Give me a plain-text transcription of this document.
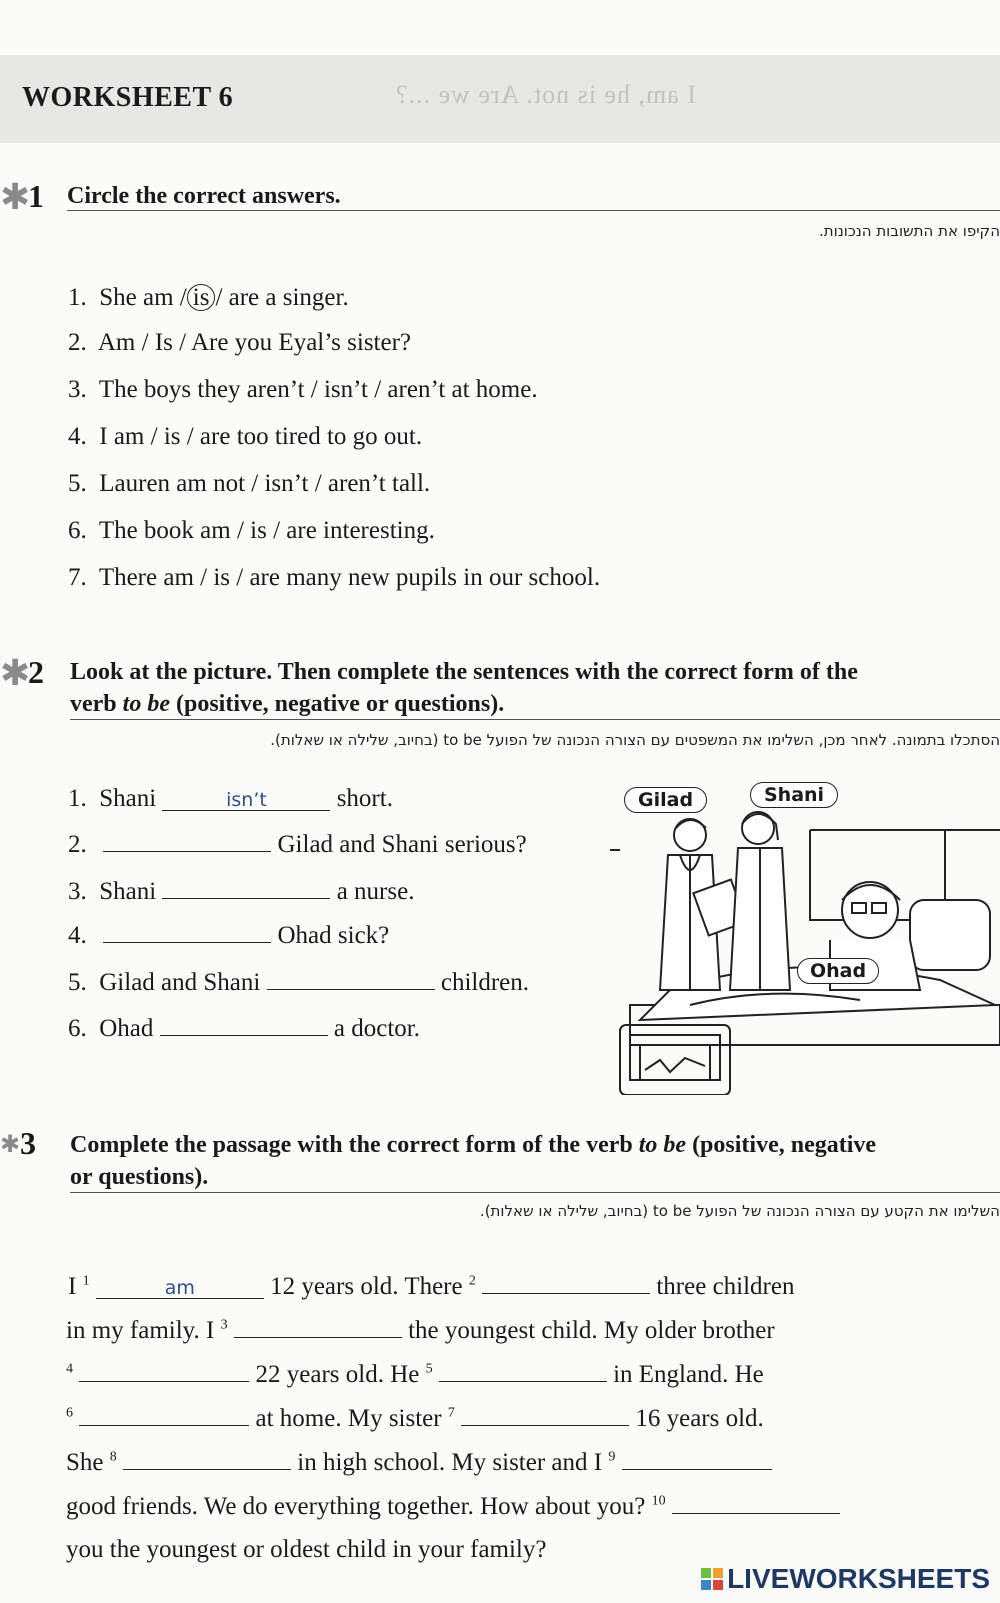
I am, he is not. Are we ...?
WORKSHEET 6
✱
1 Circle the correct answers.
הקיפו את התשובות הנכונות.
1. She am / is / are a singer.
2. Am / Is / Are you Eyal’s sister?
3. The boys they aren’t / isn’t / aren’t at home.
4. I am / is / are too tired to go out.
5. Lauren am not / isn’t / aren’t tall.
6. The book am / is / are interesting.
7. There am / is / are many new pupils in our school.
✱
2 Look at the picture. Then complete the sentences with the correct form of the
verb to be (positive, negative or questions).
הסתכלו בתמונה. לאחר מכן, השלימו את המשפטים עם הצורה הנכונה של הפועל to be (בחיוב, שלילה או שאלות).
1. Shani	isn’t	short.
2.	Gilad and Shani serious?
3. Shani	a nurse.
4.	Ohad sick?
5. Gilad and Shani	children.
6. Ohad	a doctor.
Gilad	Shani
Ohad
✱ 3 Complete the passage with the correct form of the verb to be (positive, negative
or questions).
השלימו את הקטע עם הצורה הנכונה של הפועל to be (בחיוב, שלילה או שאלות).
I $^1$	am	12 years old. There $^2$	three children
in my family. I $^3$	the youngest child. My older brother
$^4$	22 years old. He $^5$	in England. He
$^6$	at home. My sister $^7$	16 years old.
She $^8$	in high school. My sister and I $^9$
good friends. We do everything together. How about you? $^{10}$
you the youngest or oldest child in your family?
LIVEWORKSHEETS
